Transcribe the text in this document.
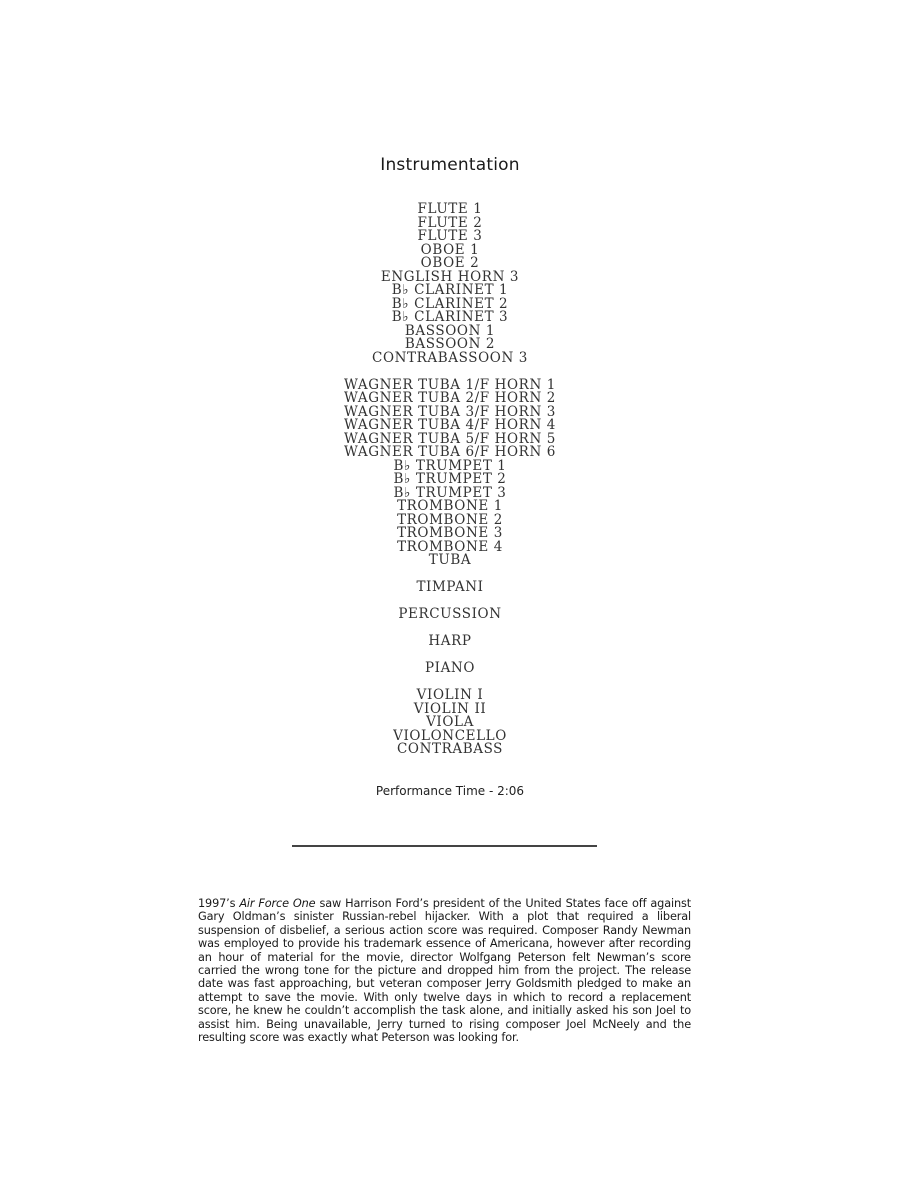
Instrumentation
FLUTE 1
FLUTE 2
FLUTE 3
OBOE 1
OBOE 2
ENGLISH HORN 3
B♭ CLARINET 1
B♭ CLARINET 2
B♭ CLARINET 3
BASSOON 1
BASSOON 2
CONTRABASSOON 3
WAGNER TUBA 1/F HORN 1
WAGNER TUBA 2/F HORN 2
WAGNER TUBA 3/F HORN 3
WAGNER TUBA 4/F HORN 4
WAGNER TUBA 5/F HORN 5
WAGNER TUBA 6/F HORN 6
B♭ TRUMPET 1
B♭ TRUMPET 2
B♭ TRUMPET 3
TROMBONE 1
TROMBONE 2
TROMBONE 3
TROMBONE 4
TUBA
TIMPANI
PERCUSSION
HARP
PIANO
VIOLIN I
VIOLIN II
VIOLA
VIOLONCELLO
CONTRABASS
Performance Time - 2:06
1997’s Air Force One saw Harrison Ford’s president of the United States face off against Gary Oldman’s sinister Russian-rebel hijacker. With a plot that required a liberal suspension of disbelief, a serious action score was required. Composer Randy Newman was employed to provide his trademark essence of Americana, however after recording an hour of material for the movie, director Wolfgang Peterson felt Newman’s score carried the wrong tone for the picture and dropped him from the project. The release date was fast approaching, but veteran composer Jerry Goldsmith pledged to make an attempt to save the movie. With only twelve days in which to record a replacement score, he knew he couldn’t accomplish the task alone, and initially asked his son Joel to assist him. Being unavailable, Jerry turned to rising composer Joel McNeely and the resulting score was exactly what Peterson was looking for.
